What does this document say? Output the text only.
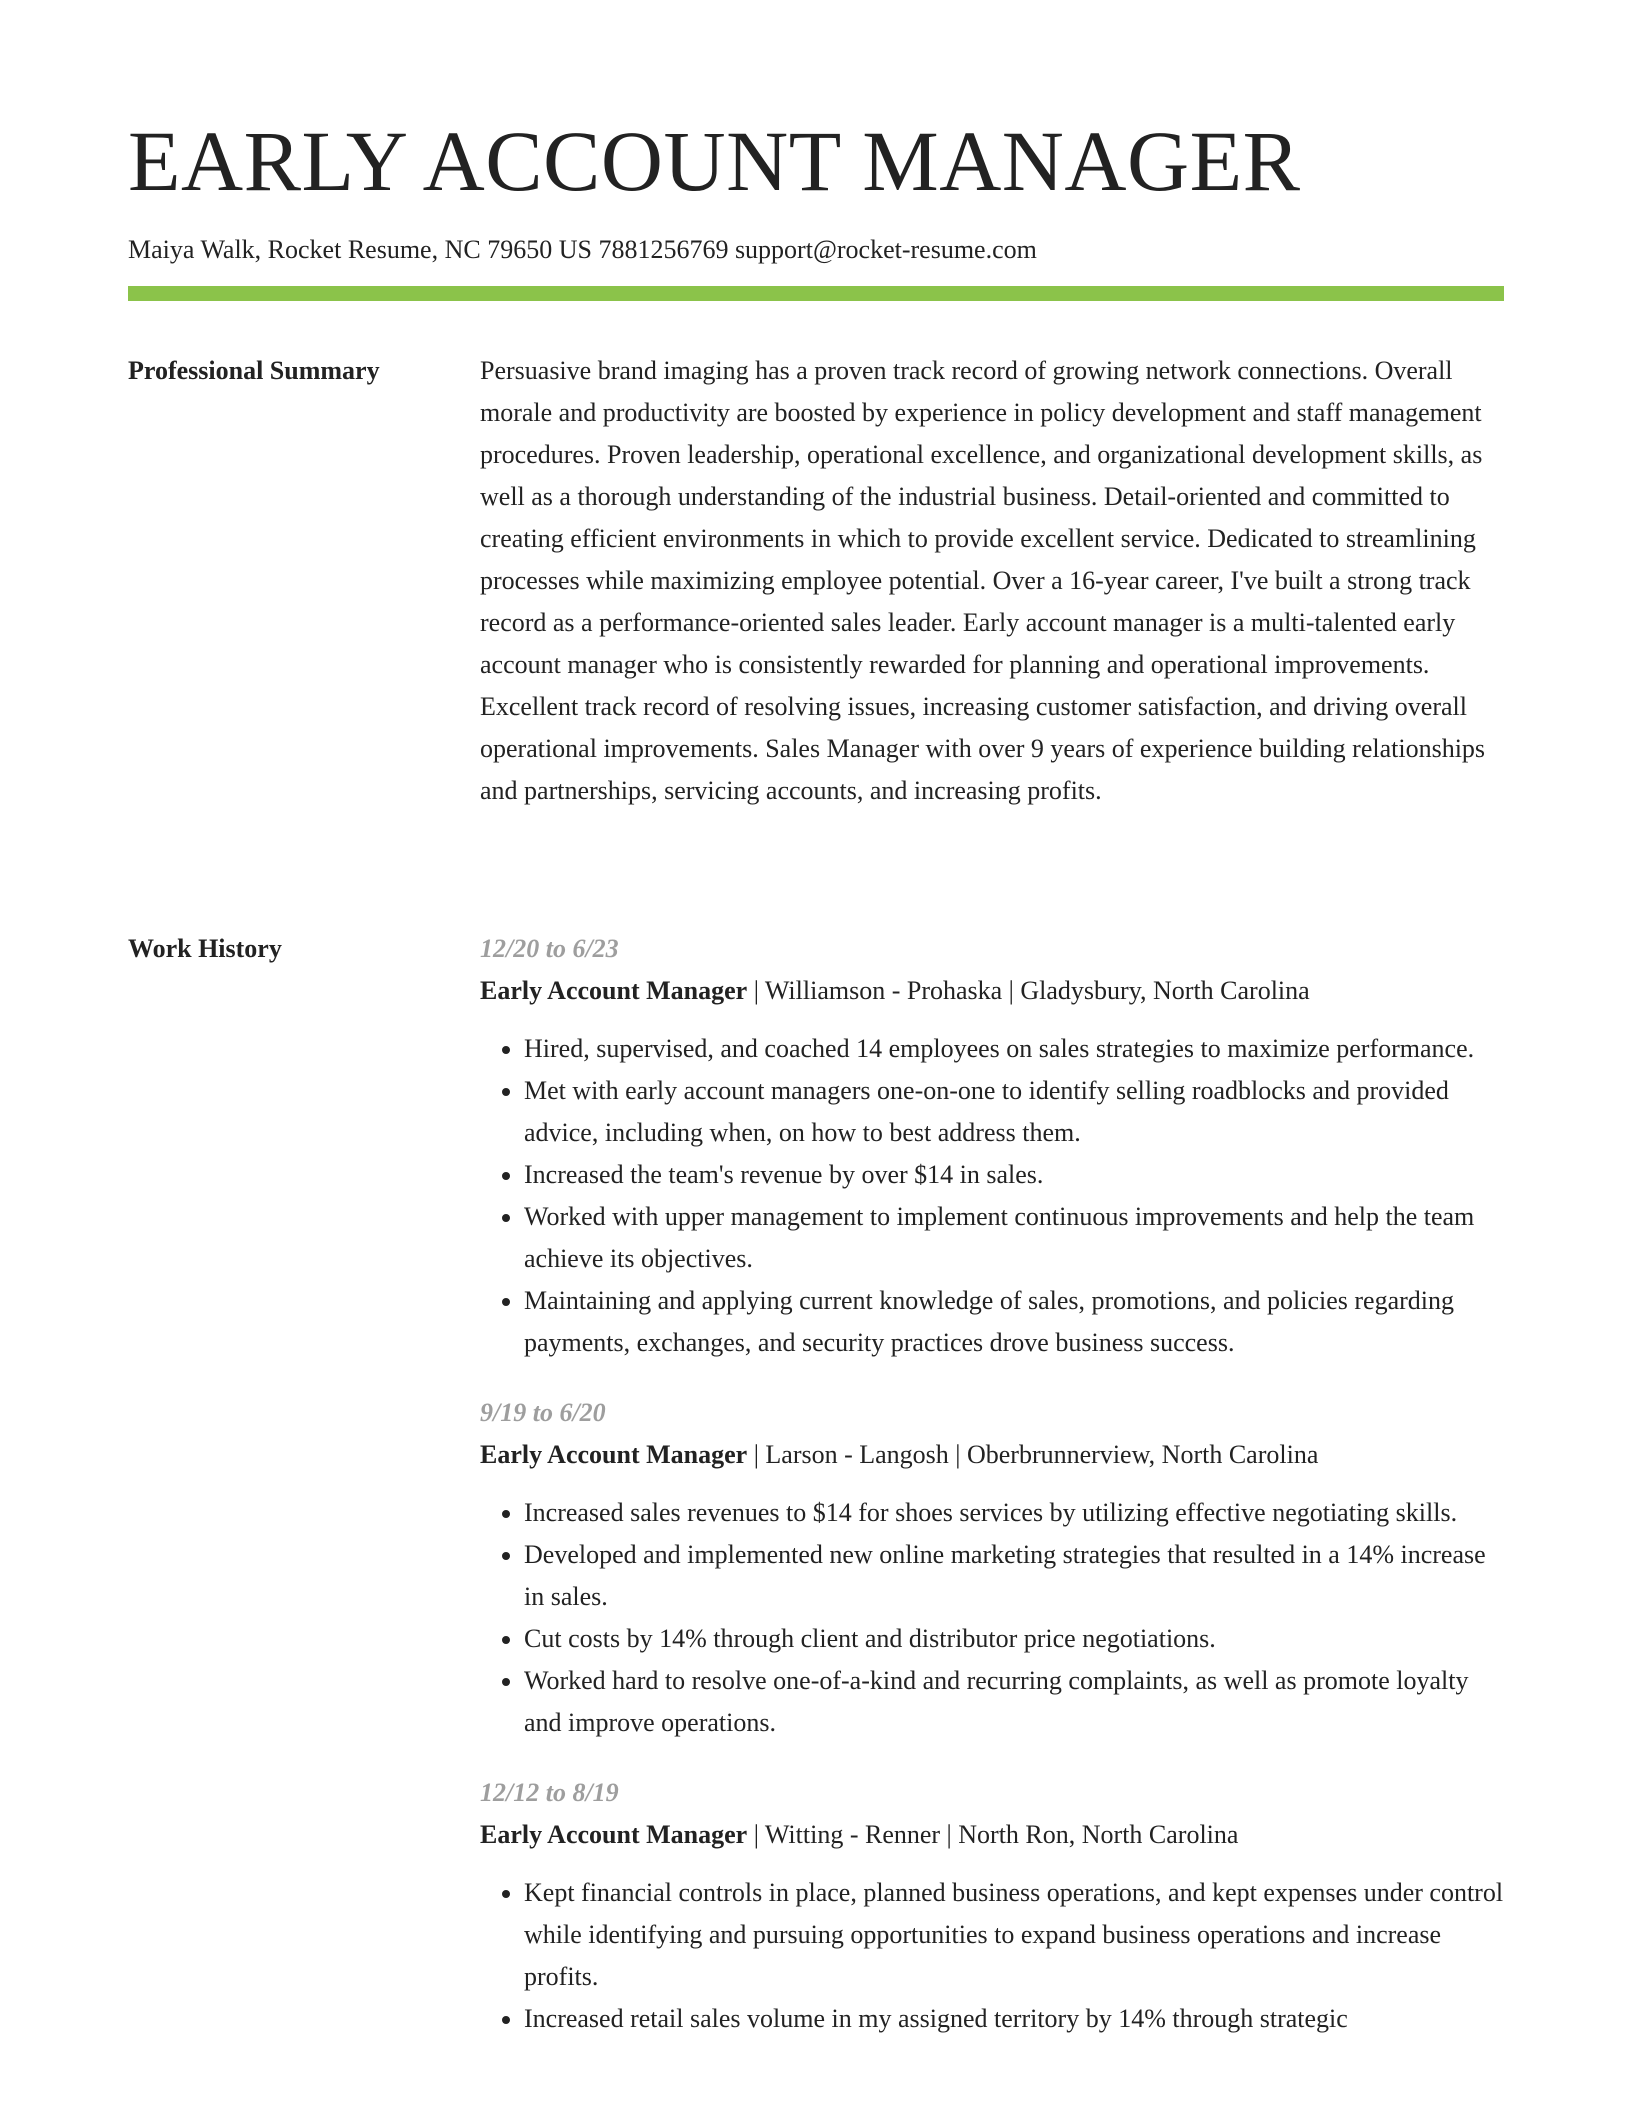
EARLY ACCOUNT MANAGER
Maiya Walk, Rocket Resume, NC 79650 US 7881256769 support@rocket-resume.com
Professional Summary	Persuasive brand imaging has a proven track record of growing network connections. Overall morale and productivity are boosted by experience in policy development and staff management procedures. Proven leadership, operational excellence, and organizational development skills, as well as a thorough understanding of the industrial business. Detail-oriented and committed to creating efficient environments in which to provide excellent service. Dedicated to streamlining processes while maximizing employee potential. Over a 16-year career, I've built a strong track record as a performance-oriented sales leader. Early account manager is a multi-talented early account manager who is consistently rewarded for planning and operational improvements. Excellent track record of resolving issues, increasing customer satisfaction, and driving overall operational improvements. Sales Manager with over 9 years of experience building relationships and partnerships, servicing accounts, and increasing profits.

Work History	12/20 to 6/23
Early Account Manager | Williamson - Prohaska | Gladysbury, North Carolina
• Hired, supervised, and coached 14 employees on sales strategies to maximize performance.
• Met with early account managers one-on-one to identify selling roadblocks and provided advice, including when, on how to best address them.
• Increased the team's revenue by over $14 in sales.
• Worked with upper management to implement continuous improvements and help the team achieve its objectives.
• Maintaining and applying current knowledge of sales, promotions, and policies regarding payments, exchanges, and security practices drove business success.
9/19 to 6/20
Early Account Manager | Larson - Langosh | Oberbrunnerview, North Carolina
• Increased sales revenues to $14 for shoes services by utilizing effective negotiating skills.
• Developed and implemented new online marketing strategies that resulted in a 14% increase in sales.
• Cut costs by 14% through client and distributor price negotiations.
• Worked hard to resolve one-of-a-kind and recurring complaints, as well as promote loyalty and improve operations.
12/12 to 8/19
Early Account Manager | Witting - Renner | North Ron, North Carolina
• Kept financial controls in place, planned business operations, and kept expenses under control while identifying and pursuing opportunities to expand business operations and increase profits.
• Increased retail sales volume in my assigned territory by 14% through strategic
